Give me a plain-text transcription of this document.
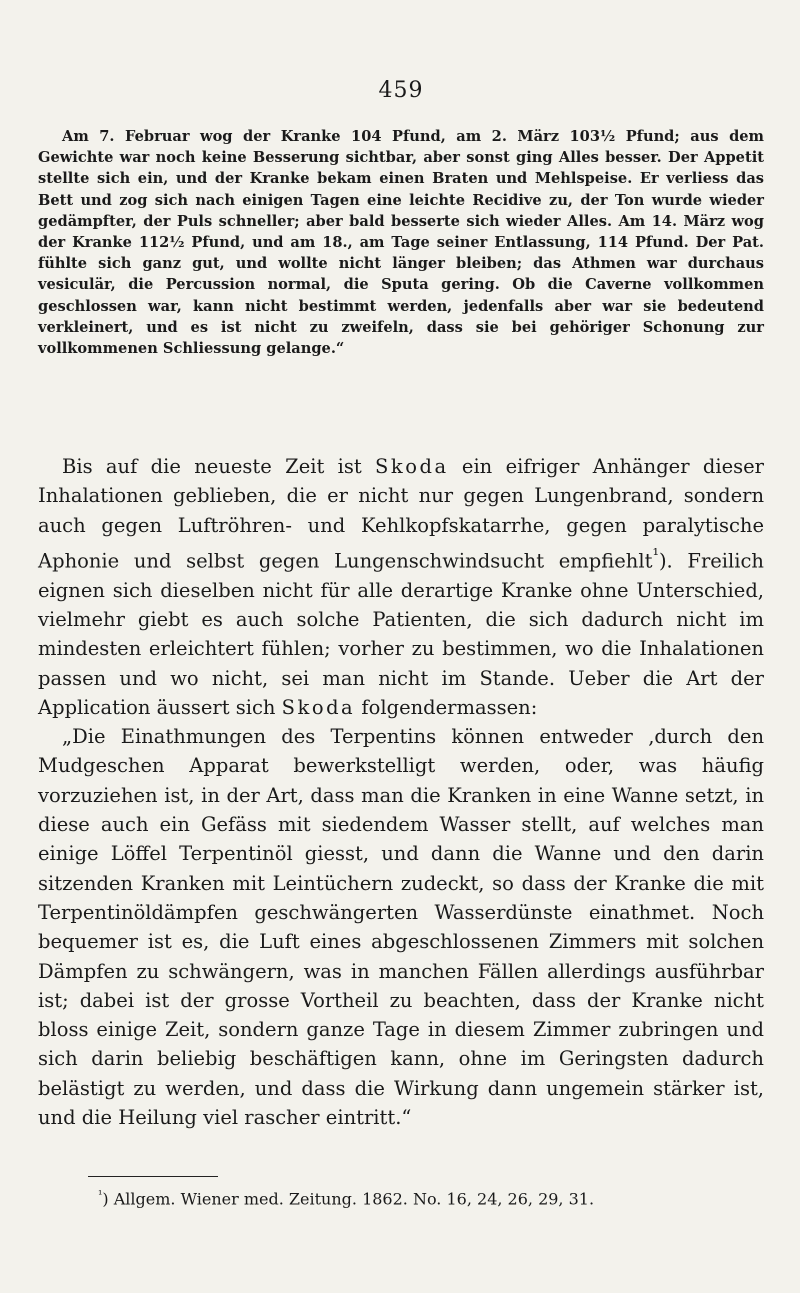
459

Am 7. Februar wog der Kranke 104 Pfund, am 2. März 103½ Pfund; aus dem Gewichte war noch keine Besserung sichtbar, aber sonst ging Alles besser. Der Appetit stellte sich ein, und der Kranke bekam einen Braten und Mehlspeise. Er verliess das Bett und zog sich nach einigen Tagen eine leichte Recidive zu, der Ton wurde wieder gedämpfter, der Puls schneller; aber bald besserte sich wieder Alles. Am 14. März wog der Kranke 112½ Pfund, und am 18., am Tage seiner Entlassung, 114 Pfund. Der Pat. fühlte sich ganz gut, und wollte nicht länger bleiben; das Athmen war durchaus vesiculär, die Percussion normal, die Sputa gering. Ob die Caverne vollkommen geschlossen war, kann nicht bestimmt werden, jedenfalls aber war sie bedeutend verkleinert, und es ist nicht zu zweifeln, dass sie bei gehöriger Schonung zur vollkommenen Schliessung gelange.“

Bis auf die neueste Zeit ist Skoda ein eifriger Anhänger dieser Inhalationen geblieben, die er nicht nur gegen Lungenbrand, sondern auch gegen Luftröhren- und Kehlkopfskatarrhe, gegen paralytische Aphonie und selbst gegen Lungenschwindsucht empfiehlt$^{^1}$). Freilich eignen sich dieselben nicht für alle derartige Kranke ohne Unterschied, vielmehr giebt es auch solche Patienten, die sich dadurch nicht im mindesten erleichtert fühlen; vorher zu bestimmen, wo die Inhalationen passen und wo nicht, sei man nicht im Stande. Ueber die Art der Application äussert sich Skoda folgendermassen:

„Die Einathmungen des Terpentins können entweder ‚durch den Mudgeschen Apparat bewerkstelligt werden, oder, was häufig vorzuziehen ist, in der Art, dass man die Kranken in eine Wanne setzt, in diese auch ein Gefäss mit siedendem Wasser stellt, auf welches man einige Löffel Terpentinöl giesst, und dann die Wanne und den darin sitzenden Kranken mit Leintüchern zudeckt, so dass der Kranke die mit Terpentinöldämpfen geschwängerten Wasserdünste einathmet. Noch bequemer ist es, die Luft eines abgeschlossenen Zimmers mit solchen Dämpfen zu schwängern, was in manchen Fällen allerdings ausführbar ist; dabei ist der grosse Vortheil zu beachten, dass der Kranke nicht bloss einige Zeit, sondern ganze Tage in diesem Zimmer zubringen und sich darin beliebig beschäftigen kann, ohne im Geringsten dadurch belästigt zu werden, und dass die Wirkung dann ungemein stärker ist, und die Heilung viel rascher eintritt.“

$^{^1}$) Allgem. Wiener med. Zeitung. 1862. No. 16, 24, 26, 29, 31.
